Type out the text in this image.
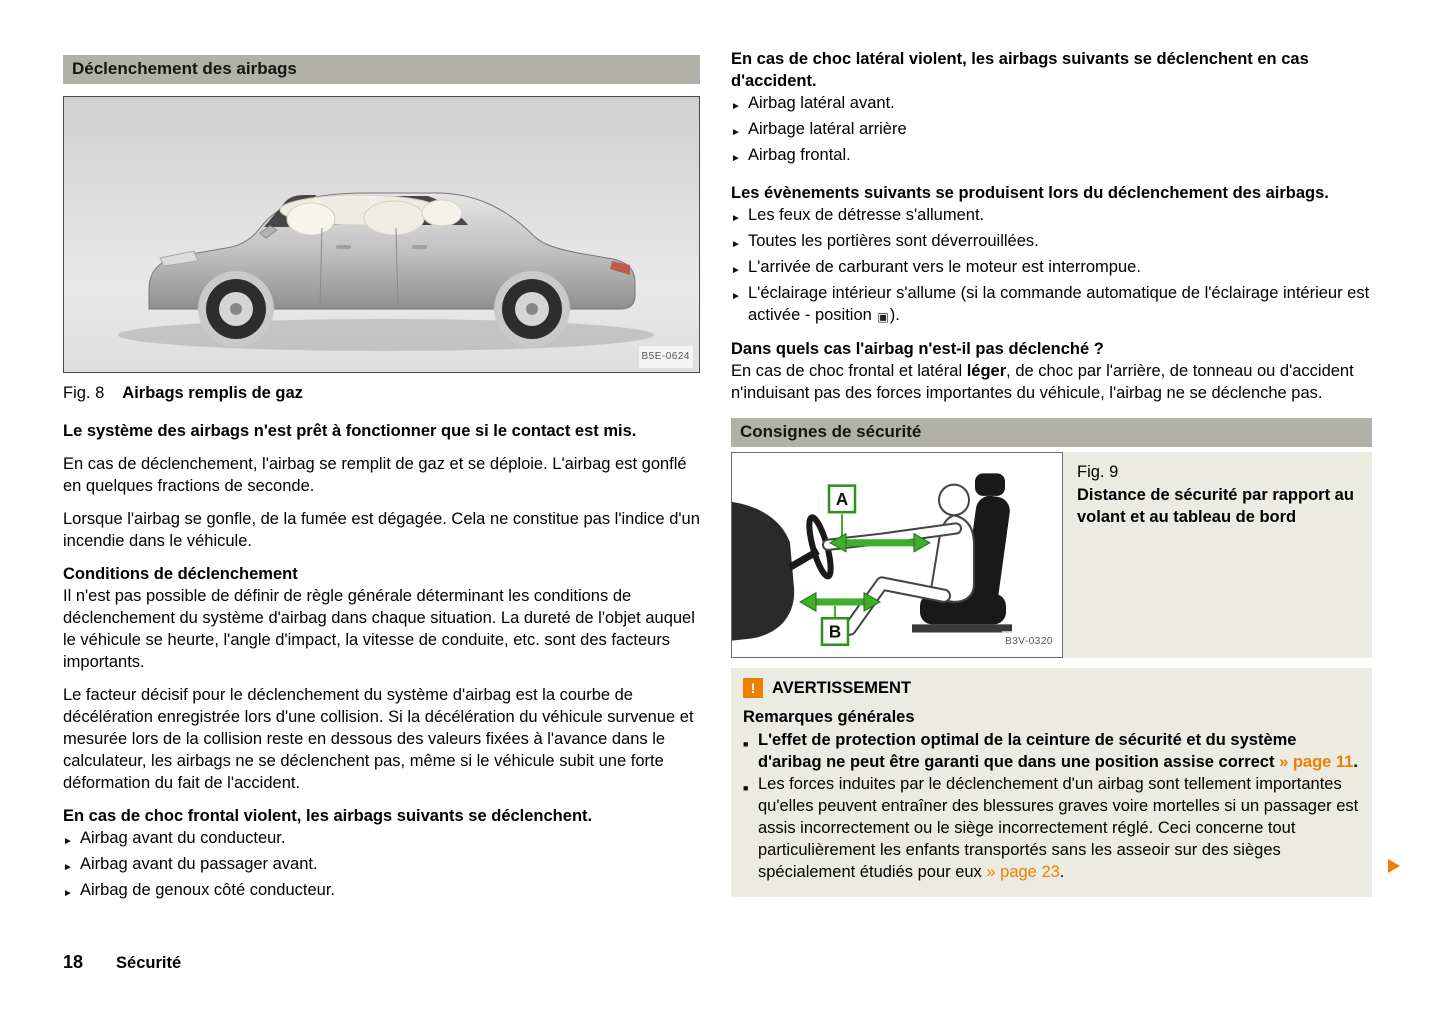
Déclenchement des airbags
B5E-0624
Fig. 8 Airbags remplis de gaz

Le système des airbags n'est prêt à fonctionner que si le contact est mis.

En cas de déclenchement, l'airbag se remplit de gaz et se déploie. L'airbag est gonflé en quelques fractions de seconde.

Lorsque l'airbag se gonfle, de la fumée est dégagée. Cela ne constitue pas l'indice d'un incendie dans le véhicule.

Conditions de déclenchement

Il n'est pas possible de définir de règle générale déterminant les conditions de déclenchement du système d'airbag dans chaque situation. La dureté de l'objet auquel le véhicule se heurte, l'angle d'impact, la vitesse de conduite, etc. sont des facteurs importants.

Le facteur décisif pour le déclenchement du système d'airbag est la courbe de décélération enregistrée lors d'une collision. Si la décélération du véhicule survenue et mesurée lors de la collision reste en dessous des valeurs fixées à l'avance dans le calculateur, les airbags ne se déclenchent pas, même si le véhicule subit une forte déformation du fait de l'accident.

En cas de choc frontal violent, les airbags suivants se déclenchent.

► Airbag avant du conducteur.
► Airbag avant du passager avant.
► Airbag de genoux côté conducteur.

En cas de choc latéral violent, les airbags suivants se déclenchent en cas d'accident.

► Airbag latéral avant.
► Airbage latéral arrière
► Airbag frontal.

Les évènements suivants se produisent lors du déclenchement des airbags.

► Les feux de détresse s'allument.
► Toutes les portières sont déverrouillées.
► L'arrivée de carburant vers le moteur est interrompue.
► L'éclairage intérieur s'allume (si la commande automatique de l'éclairage intérieur est activée - position ▣).

Dans quels cas l'airbag n'est-il pas déclenché ?

En cas de choc frontal et latéral léger, de choc par l'arrière, de tonneau ou d'accident n'induisant pas des forces importantes du véhicule, l'airbag ne se déclenche pas.

Consignes de sécurité
A
B	B3V-0320
Fig. 9
Distance de sécurité par rapport au volant et au tableau de bord
!	AVERTISSEMENT
Remarques générales
■ L'effet de protection optimal de la ceinture de sécurité et du système d'aribag ne peut être garanti que dans une position assise correct » page 11.
■ Les forces induites par le déclenchement d'un airbag sont tellement importantes qu'elles peuvent entraîner des blessures graves voire mortelles si un passager est assis incorrectement ou le siège incorrectement réglé. Ceci concerne tout particulièrement les enfants transportés sans les asseoir sur des sièges spécialement étudiés pour eux » page 23.
18 Sécurité
